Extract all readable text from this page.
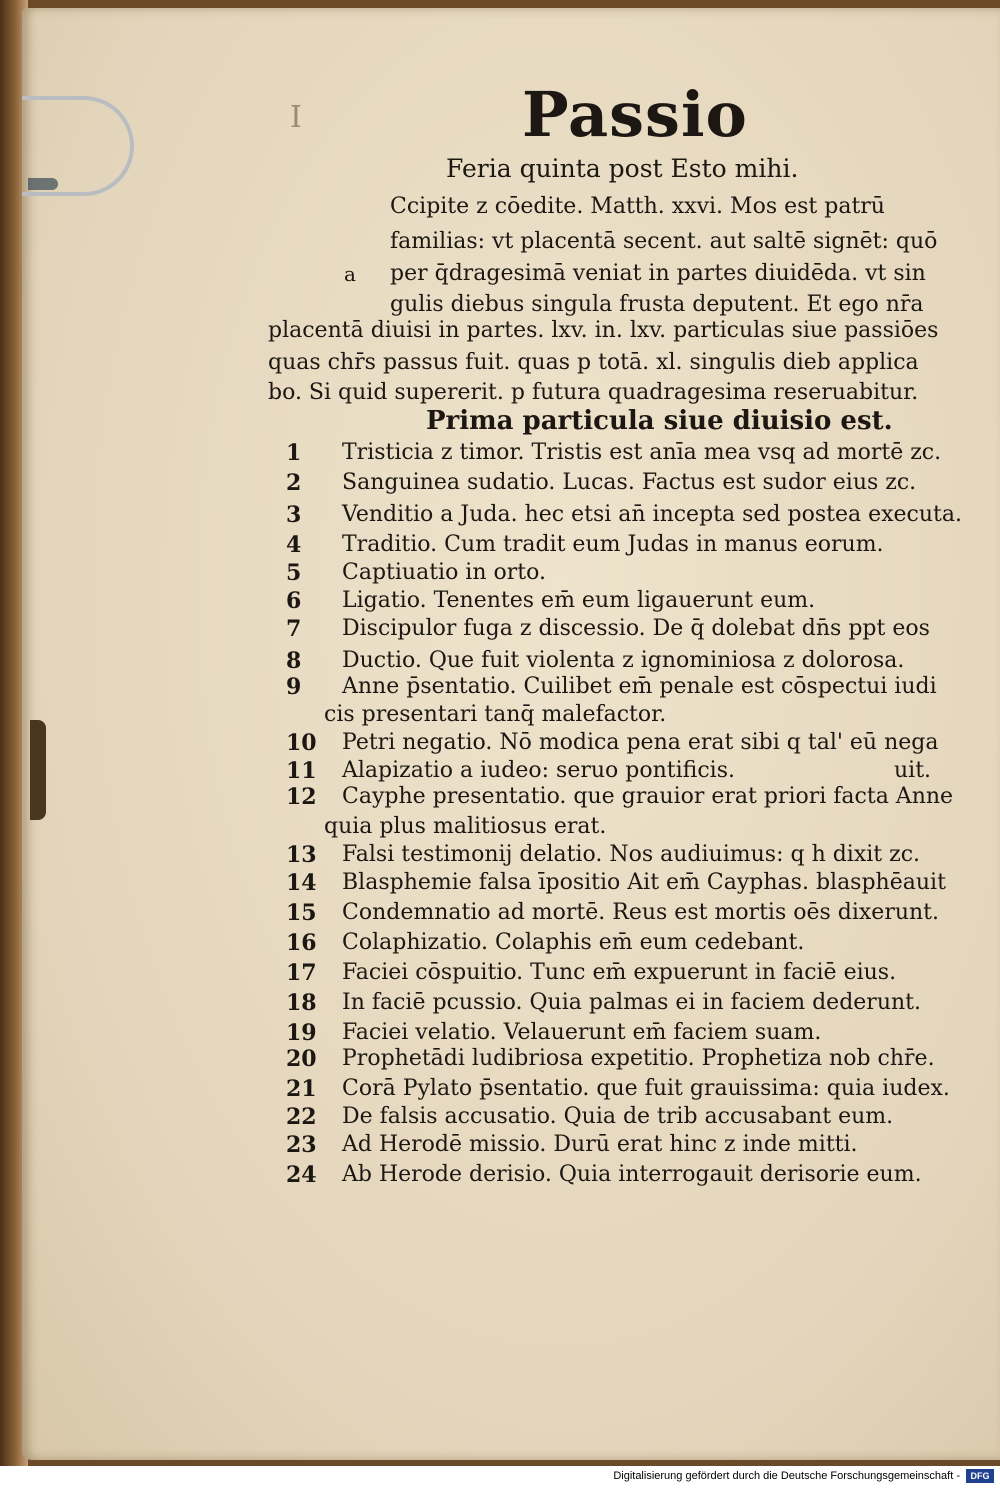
I	Passio
Feria quinta post Esto mihi.
Ccipite z cōedite. Matth. xxvi. Mos est patrū
familias: vt placentā secent. aut saltē signēt: quō
per q̄dragesimā veniat in partes diuidēda. vt sin
gulis diebus singula frusta deputent. Et ego nr̄a
placentā diuisi in partes. lxv. in. lxv. particulas siue passiōes
quas chr̄s passus fuit. quas p totā. xl. singulis dieb applica
bo. Si quid supererit. p futura quadragesima reseruabitur.
a
Prima particula siue diuisio est.
1	Tristicia z timor. Tristis est anīa mea vsq ad mortē zc.
2	Sanguinea sudatio. Lucas. Factus est sudor eius zc.
3	Venditio a Juda. hec etsi an̄ incepta sed postea executa.
4	Traditio. Cum tradit eum Judas in manus eorum.
5	Captiuatio in orto.
6	Ligatio. Tenentes em̄ eum ligauerunt eum.
7	Discipulor fuga z discessio. De q̄ dolebat dn̄s ppt eos
8	Ductio. Que fuit violenta z ignominiosa z dolorosa.
9	Anne p̄sentatio. Cuilibet em̄ penale est cōspectui iudi
cis presentari tanq̄ malefactor.
10	Petri negatio. Nō modica pena erat sibi q tal' eū nega
uit.
11	Alapizatio a iudeo: seruo pontificis.
12	Cayphe presentatio. que grauior erat priori facta Anne
quia plus malitiosus erat.
13	Falsi testimonij delatio. Nos audiuimus: q h dixit zc.
14	Blasphemie falsa īpositio Ait em̄ Cayphas. blasphēauit
15	Condemnatio ad mortē. Reus est mortis oēs dixerunt.
16	Colaphizatio. Colaphis em̄ eum cedebant.
17	Faciei cōspuitio. Tunc em̄ expuerunt in faciē eius.
18	In faciē pcussio. Quia palmas ei in faciem dederunt.
19	Faciei velatio. Velauerunt em̄ faciem suam.
20	Prophetādi ludibriosa expetitio. Prophetiza nob chr̄e.
21	Corā Pylato p̄sentatio. que fuit grauissima: quia iudex.
22	De falsis accusatio. Quia de trib accusabant eum.
23	Ad Herodē missio. Durū erat hinc z inde mitti.
24	Ab Herode derisio. Quia interrogauit derisorie eum.
Digitalisierung gefördert durch die Deutsche Forschungsgemeinschaft -	DFG
